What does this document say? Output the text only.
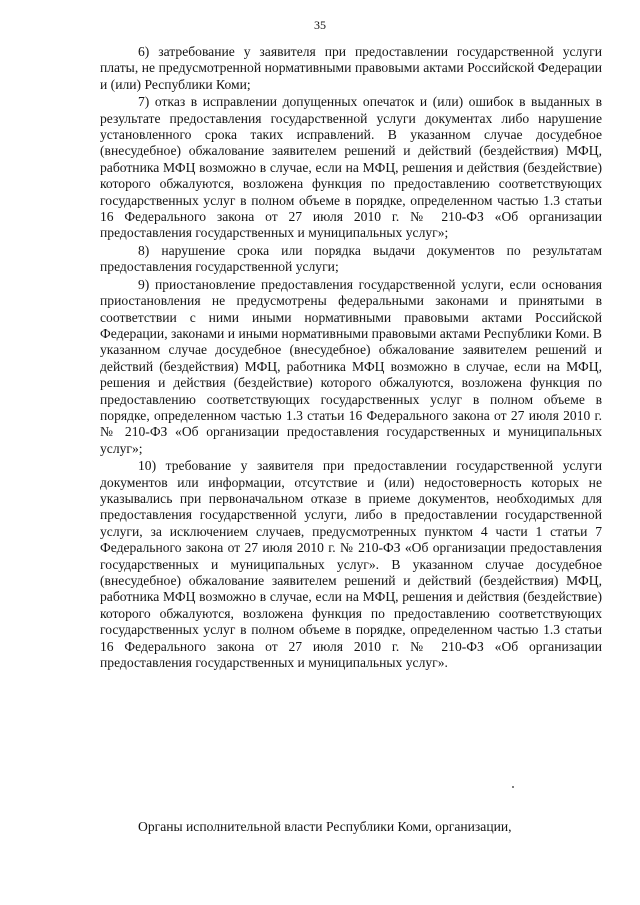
35

6) затребование у заявителя при предоставлении государственной услуги платы, не предусмотренной нормативными правовыми актами Российской Федерации и (или) Республики Коми;

7) отказ в исправлении допущенных опечаток и (или) ошибок в выданных в результате предоставления государственной услуги документах либо нарушение установленного срока таких исправлений. В указанном случае досудебное (внесудебное) обжалование заявителем решений и действий (бездействия) МФЦ, работника МФЦ возможно в случае, если на МФЦ, решения и действия (бездействие) которого обжалуются, возложена функция по предоставлению соответствующих государственных услуг в полном объеме в порядке, определенном частью 1.3 статьи 16 Федерального закона от 27 июля 2010 г. № 210-ФЗ «Об организации предоставления государственных и муниципальных услуг»;

8) нарушение срока или порядка выдачи документов по результатам предоставления государственной услуги;

9) приостановление предоставления государственной услуги, если основания приостановления не предусмотрены федеральными законами и принятыми в соответствии с ними иными нормативными правовыми актами Российской Федерации, законами и иными нормативными правовыми актами Республики Коми. В указанном случае досудебное (внесудебное) обжалование заявителем решений и действий (бездействия) МФЦ, работника МФЦ возможно в случае, если на МФЦ, решения и действия (бездействие) которого обжалуются, возложена функция по предоставлению соответствующих государственных услуг в полном объеме в порядке, определенном частью 1.3 статьи 16 Федерального закона от 27 июля 2010 г. № 210-ФЗ «Об организации предоставления государственных и муниципальных услуг»;

10) требование у заявителя при предоставлении государственной услуги документов или информации, отсутствие и (или) недостоверность которых не указывались при первоначальном отказе в приеме документов, необходимых для предоставления государственной услуги, либо в предоставлении государственной услуги, за исключением случаев, предусмотренных пунктом 4 части 1 статьи 7 Федерального закона от 27 июля 2010 г. № 210-ФЗ «Об организации предоставления государственных и муниципальных услуг». В указанном случае досудебное (внесудебное) обжалование заявителем решений и действий (бездействия) МФЦ, работника МФЦ возможно в случае, если на МФЦ, решения и действия (бездействие) которого обжалуются, возложена функция по предоставлению соответствующих государственных услуг в полном объеме в порядке, определенном частью 1.3 статьи 16 Федерального закона от 27 июля 2010 г. № 210-ФЗ «Об организации предоставления государственных и муниципальных услуг».

Органы исполнительной власти Республики Коми, организации,
